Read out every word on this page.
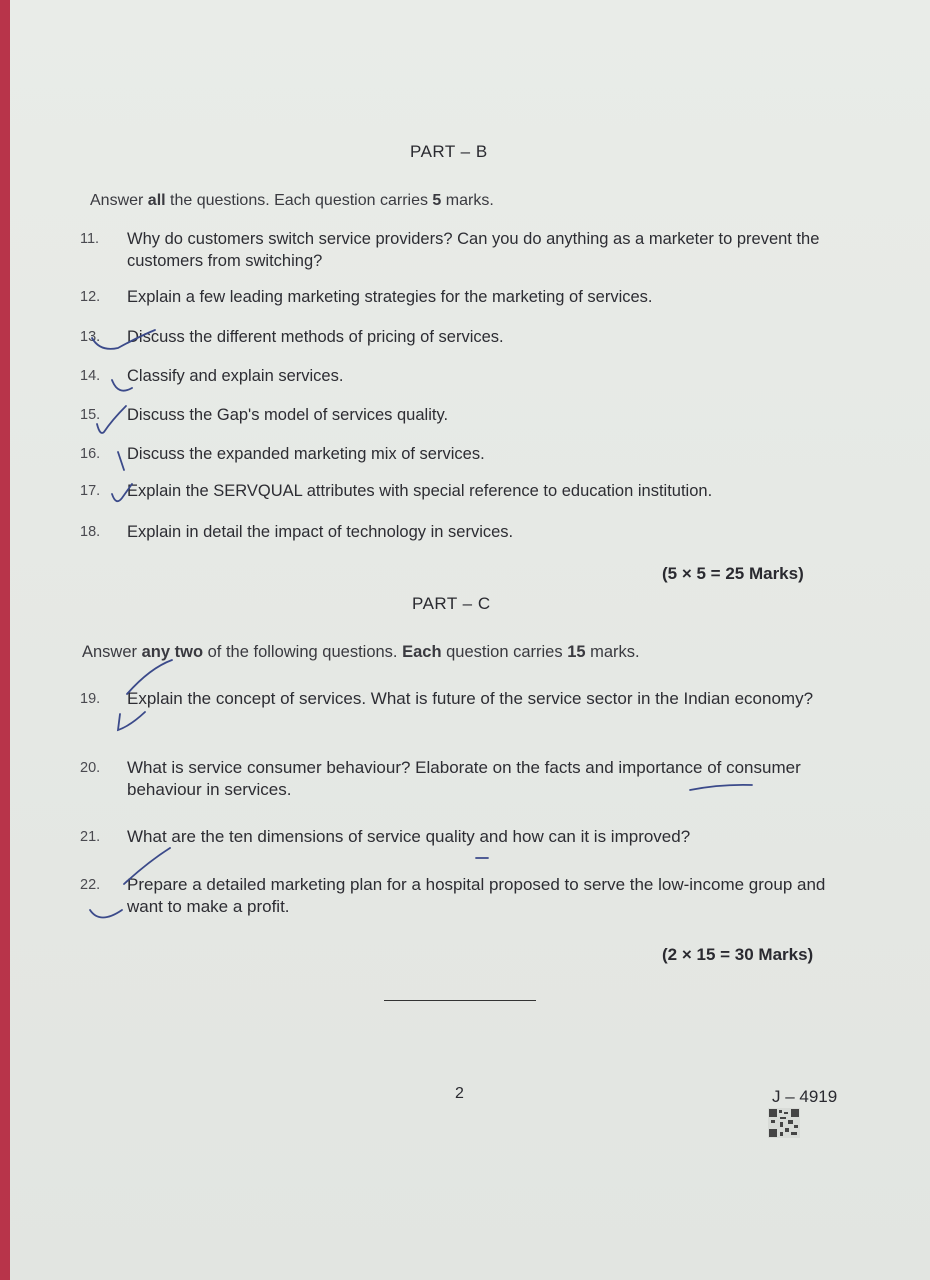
PART – B
Answer all the questions. Each question carries 5 marks.
11.	Why do customers switch service providers? Can you do anything as a marketer to prevent the customers from switching?
12.	Explain a few leading marketing strategies for the marketing of services.
13.	Discuss the different methods of pricing of services.
14.	Classify and explain services.
15.	Discuss the Gap's model of services quality.
16.	Discuss the expanded marketing mix of services.
17.	Explain the SERVQUAL attributes with special reference to education institution.
18.	Explain in detail the impact of technology in services.
(5 × 5 = 25 Marks)
PART – C
Answer any two of the following questions. Each question carries 15 marks.
19.	Explain the concept of services. What is future of the service sector in the Indian economy?
20.	What is service consumer behaviour? Elaborate on the facts and importance of consumer behaviour in services.
21.	What are the ten dimensions of service quality and how can it is improved?
22.	Prepare a detailed marketing plan for a hospital proposed to serve the low-income group and want to make a profit.
(2 × 15 = 30 Marks)
2	J – 4919
